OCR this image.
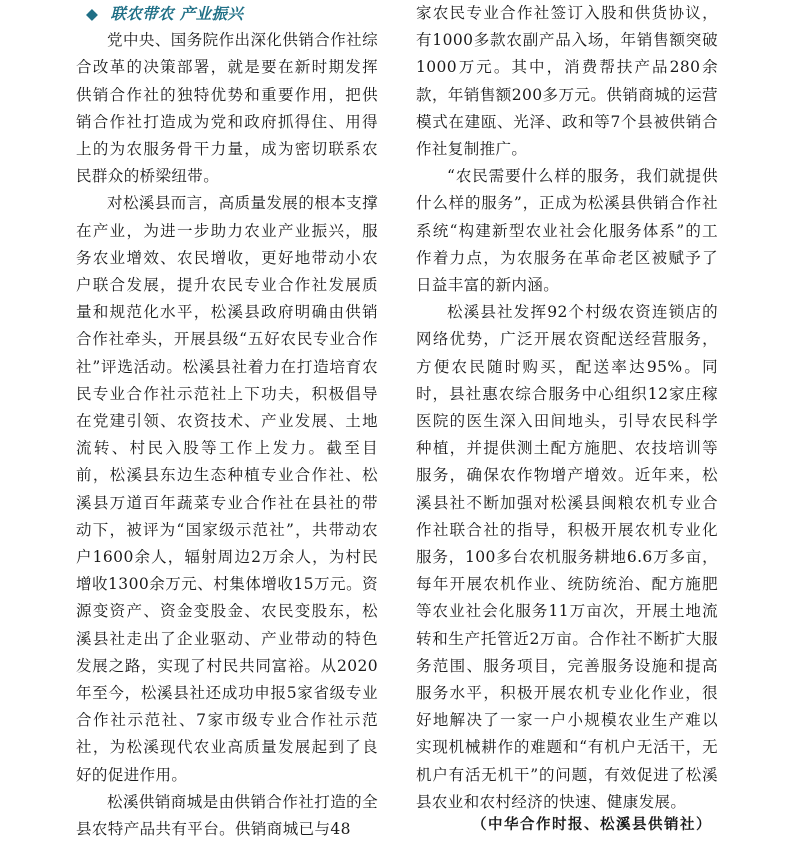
◆ 联农带农 产业振兴

党中央、国务院作出深化供销合作社综合改革的决策部署，就是要在新时期发挥供销合作社的独特优势和重要作用，把供销合作社打造成为党和政府抓得住、用得上的为农服务骨干力量，成为密切联系农民群众的桥梁纽带。

对松溪县而言，高质量发展的根本支撑在产业，为进一步助力农业产业振兴，服务农业增效、农民增收，更好地带动小农户联合发展，提升农民专业合作社发展质量和规范化水平，松溪县政府明确由供销合作社牵头，开展县级“五好农民专业合作社”评选活动。松溪县社着力在打造培育农民专业合作社示范社上下功夫，积极倡导在党建引领、农资技术、产业发展、土地流转、村民入股等工作上发力。截至目前，松溪县东边生态种植专业合作社、松溪县万道百年蔬菜专业合作社在县社的带动下，被评为“国家级示范社”，共带动农户1600余人，辐射周边2万余人，为村民增收1300余万元、村集体增收15万元。资源变资产、资金变股金、农民变股东，松溪县社走出了企业驱动、产业带动的特色发展之路，实现了村民共同富裕。从2020年至今，松溪县社还成功申报5家省级专业合作社示范社、7家市级专业合作社示范社，为松溪现代农业高质量发展起到了良好的促进作用。

松溪供销商城是由供销合作社打造的全县农特产品共有平台。供销商城已与48

家农民专业合作社签订入股和供货协议，有1000多款农副产品入场，年销售额突破1000万元。其中，消费帮扶产品280余款，年销售额200多万元。供销商城的运营模式在建瓯、光泽、政和等7个县被供销合作社复制推广。

“农民需要什么样的服务，我们就提供什么样的服务”，正成为松溪县供销合作社系统“构建新型农业社会化服务体系”的工作着力点，为农服务在革命老区被赋予了日益丰富的新内涵。

松溪县社发挥92个村级农资连锁店的网络优势，广泛开展农资配送经营服务，方便农民随时购买，配送率达95%。同时，县社惠农综合服务中心组织12家庄稼医院的医生深入田间地头，引导农民科学种植，并提供测土配方施肥、农技培训等服务，确保农作物增产增效。近年来，松溪县社不断加强对松溪县闽粮农机专业合作社联合社的指导，积极开展农机专业化服务，100多台农机服务耕地6.6万多亩，每年开展农机作业、统防统治、配方施肥等农业社会化服务11万亩次，开展土地流转和生产托管近2万亩。合作社不断扩大服务范围、服务项目，完善服务设施和提高服务水平，积极开展农机专业化作业，很好地解决了一家一户小规模农业生产难以实现机械耕作的难题和“有机户无活干，无机户有活无机干”的问题，有效促进了松溪县农业和农村经济的快速、健康发展。

（中华合作时报、松溪县供销社）
